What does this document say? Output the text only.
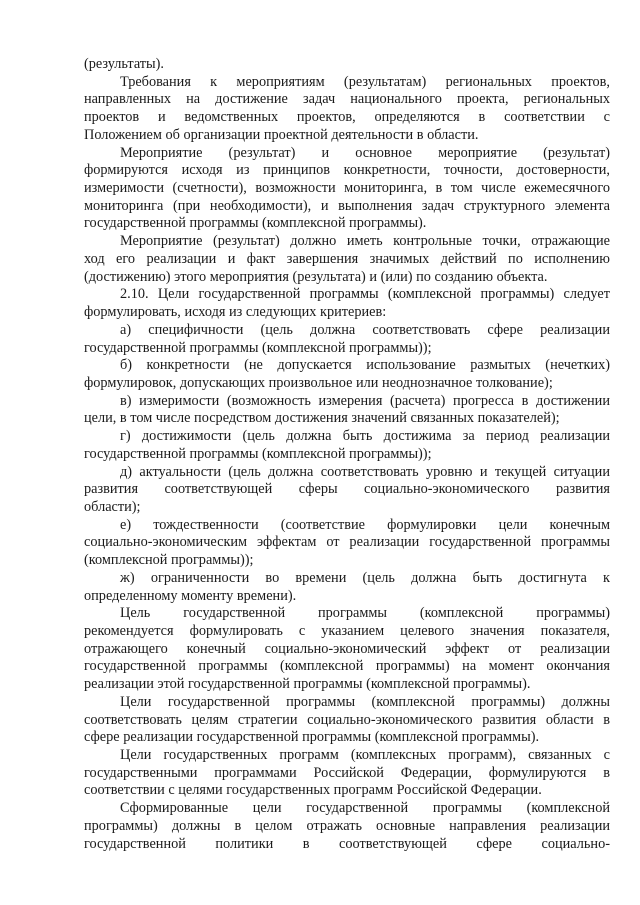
(результаты).
Требования к мероприятиям (результатам) региональных проектов,
направленных на достижение задач национального проекта, региональных
проектов и ведомственных проектов, определяются в соответствии с
Положением об организации проектной деятельности в области.
Мероприятие (результат) и основное мероприятие (результат)
формируются исходя из принципов конкретности, точности, достоверности,
измеримости (счетности), возможности мониторинга, в том числе ежемесячного
мониторинга (при необходимости), и выполнения задач структурного элемента
государственной программы (комплексной программы).
Мероприятие (результат) должно иметь контрольные точки, отражающие
ход его реализации и факт завершения значимых действий по исполнению
(достижению) этого мероприятия (результата) и (или) по созданию объекта.
2.10. Цели государственной программы (комплексной программы) следует
формулировать, исходя из следующих критериев:
а) специфичности (цель должна соответствовать сфере реализации
государственной программы (комплексной программы));
б) конкретности (не допускается использование размытых (нечетких)
формулировок, допускающих произвольное или неоднозначное толкование);
в) измеримости (возможность измерения (расчета) прогресса в достижении
цели, в том числе посредством достижения значений связанных показателей);
г) достижимости (цель должна быть достижима за период реализации
государственной программы (комплексной программы));
д) актуальности (цель должна соответствовать уровню и текущей ситуации
развития соответствующей сферы социально-экономического развития
области);
е) тождественности (соответствие формулировки цели конечным
социально-экономическим эффектам от реализации государственной программы
(комплексной программы));
ж) ограниченности во времени (цель должна быть достигнута к
определенному моменту времени).
Цель государственной программы (комплексной программы)
рекомендуется формулировать с указанием целевого значения показателя,
отражающего конечный социально-экономический эффект от реализации
государственной программы (комплексной программы) на момент окончания
реализации этой государственной программы (комплексной программы).
Цели государственной программы (комплексной программы) должны
соответствовать целям стратегии социально-экономического развития области в
сфере реализации государственной программы (комплексной программы).
Цели государственных программ (комплексных программ), связанных с
государственными программами Российской Федерации, формулируются в
соответствии с целями государственных программ Российской Федерации.
Сформированные цели государственной программы (комплексной
программы) должны в целом отражать основные направления реализации
государственной политики в соответствующей сфере социально-
